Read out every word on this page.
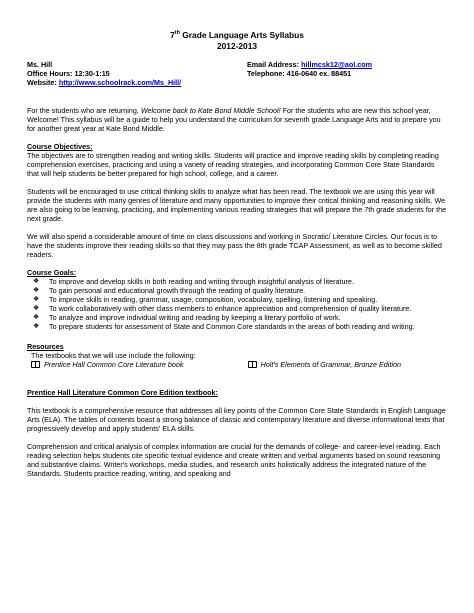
7th Grade Language Arts Syllabus
2012-2013
Ms. Hill
Office Hours: 12:30-1:15
Website: http://www.schoolrack.com/Ms_Hill/
Email Address: hillmcsk12@aol.com
Telephone: 416-0640 ex. 88451

For the students who are returning, Welcome back to Kate Bond Middle School! For the students who are new this school year, Welcome! This syllabus will be a guide to help you understand the curriculum for seventh grade Language Arts and to prepare you for another great year at Kate Bond Middle.

Course Objectives:

The objectives are to strengthen reading and writing skills. Students will practice and improve reading skills by completing reading comprehension exercises, practicing and using a variety of reading strategies, and incorporating Common Core State Standards that will help students be better prepared for high school, college, and a career.

Students will be encouraged to use critical thinking skills to analyze what has been read. The textbook we are using this year will provide the students with many genres of literature and many opportunities to improve their critical thinking and reasoning skills. We are also going to be learning, practicing, and implementing various reading strategies that will prepare the 7th grade students for the next grade.

We will also spend a considerable amount of time on class discussions and working in Socratic/ Literature Circles. Our focus is to have the students improve their reading skills so that they may pass the 8th grade TCAP Assessment, as well as to become skilled readers.

Course Goals:
❖ To improve and develop skills in both reading and writing through insightful analysis of literature.
❖ To gain personal and educational growth through the reading of quality literature.
❖ To improve skills in reading, grammar, usage, composition, vocabulary, spelling, listening and speaking.
❖ To work collaboratively with other class members to enhance appreciation and comprehension of quality literature.
❖ To analyze and improve individual writing and reading by keeping a literary portfolio of work.
❖ To prepare students for assessment of State and Common Core standards in the areas of both reading and writing.
Resources
The textbooks that we will use include the following:
Prentice Hall Common Core Literature book	Holt's Elements of Grammar, Bronze Edition
Prentice Hall Literature Common Core Edition textbook:

This textbook is a comprehensive resource that addresses all key points of the Common Core State Standards in English Language Arts (ELA). The tables of contents boast a strong balance of classic and contemporary literature and diverse informational texts that progressively develop and apply students' ELA skills.

Comprehension and critical analysis of complex information are crucial for the demands of college- and career-level reading. Each reading selection helps students cite specific textual evidence and create written and verbal arguments based on sound reasoning and substantive claims. Writer's workshops, media studies, and research units holistically address the integrated nature of the Standards. Students practice reading, writing, and speaking and
